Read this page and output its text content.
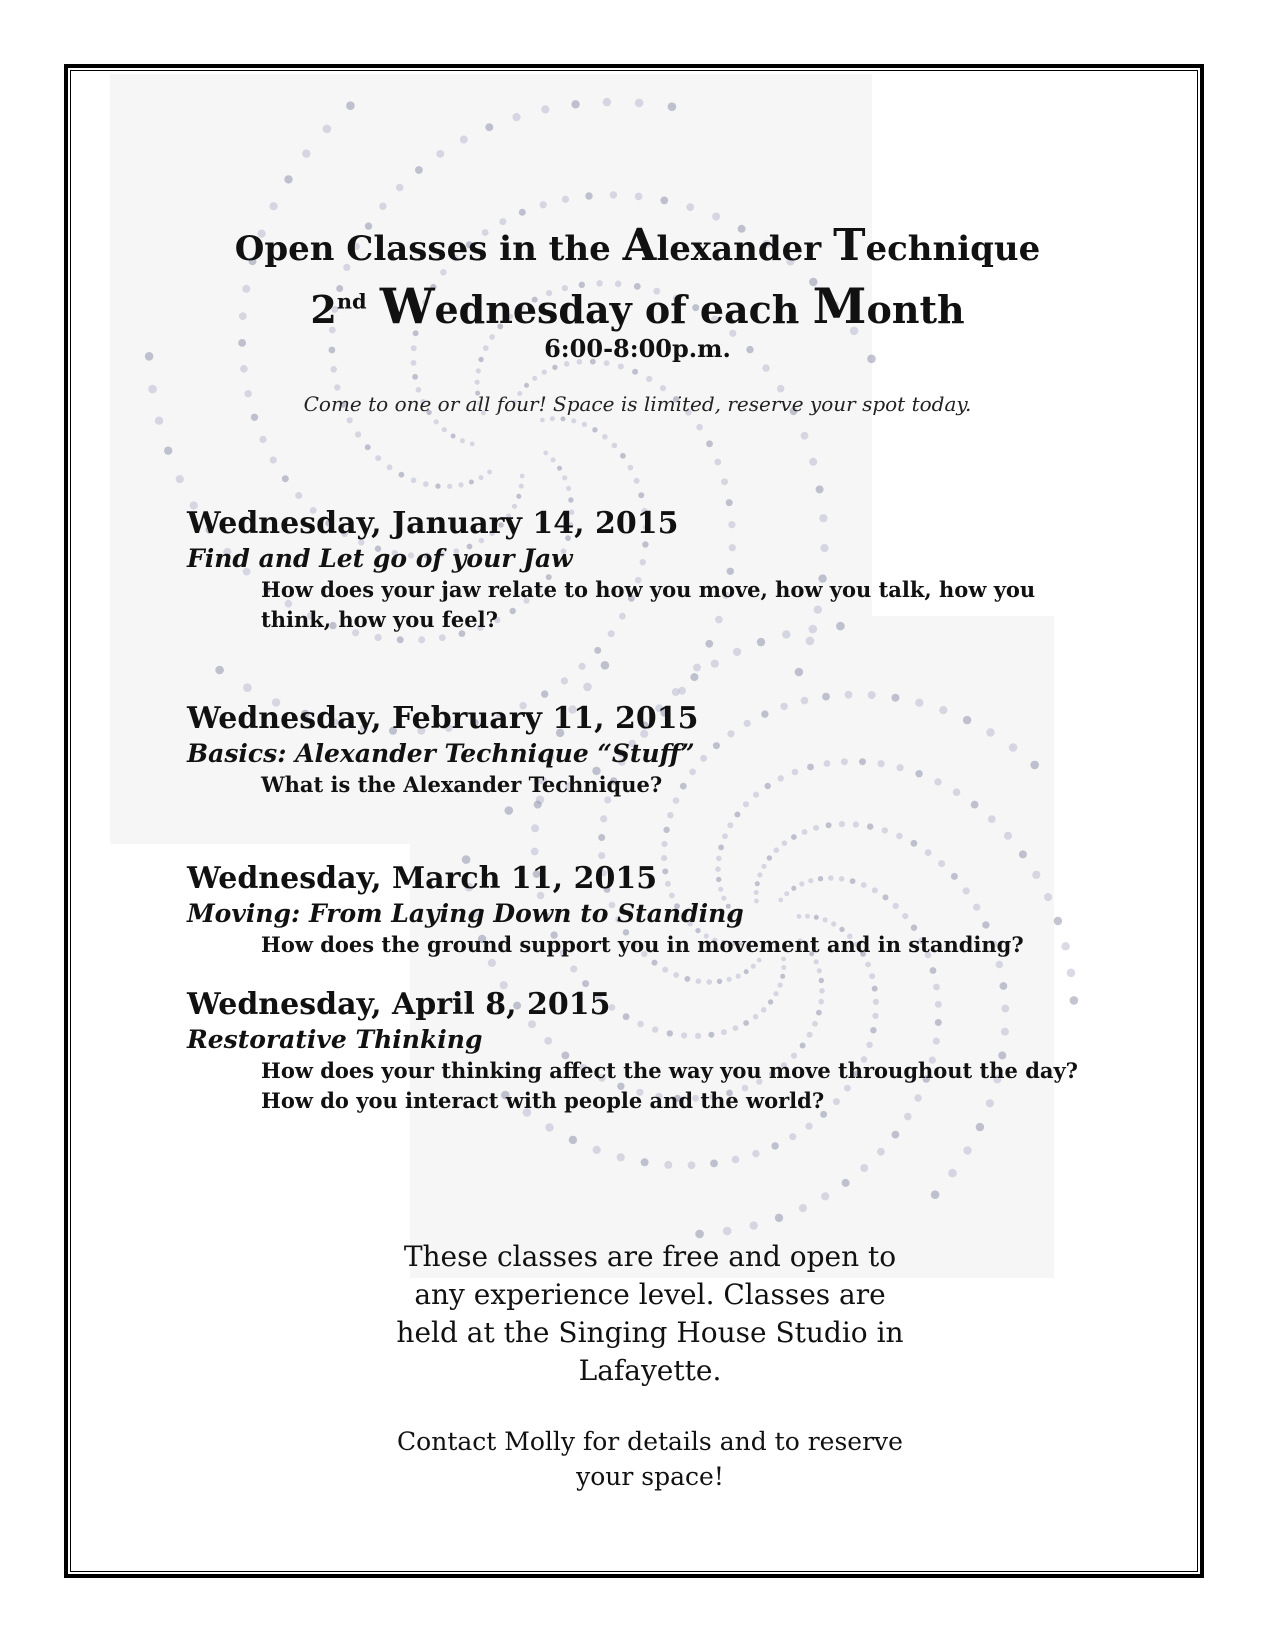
Open Classes in the Alexander Technique
2nd Wednesday of each Month
6:00-8:00p.m.
Come to one or all four! Space is limited, reserve your spot today.
Wednesday, January 14, 2015
Find and Let go of your Jaw
How does your jaw relate to how you move, how you talk, how you
think, how you feel?
Wednesday, February 11, 2015
Basics: Alexander Technique “Stuff”
What is the Alexander Technique?
Wednesday, March 11, 2015
Moving: From Laying Down to Standing
How does the ground support you in movement and in standing?
Wednesday, April 8, 2015
Restorative Thinking
How does your thinking affect the way you move throughout the day?
How do you interact with people and the world?
These classes are free and open to
any experience level. Classes are
held at the Singing House Studio in
Lafayette.
Contact Molly for details and to reserve
your space!
